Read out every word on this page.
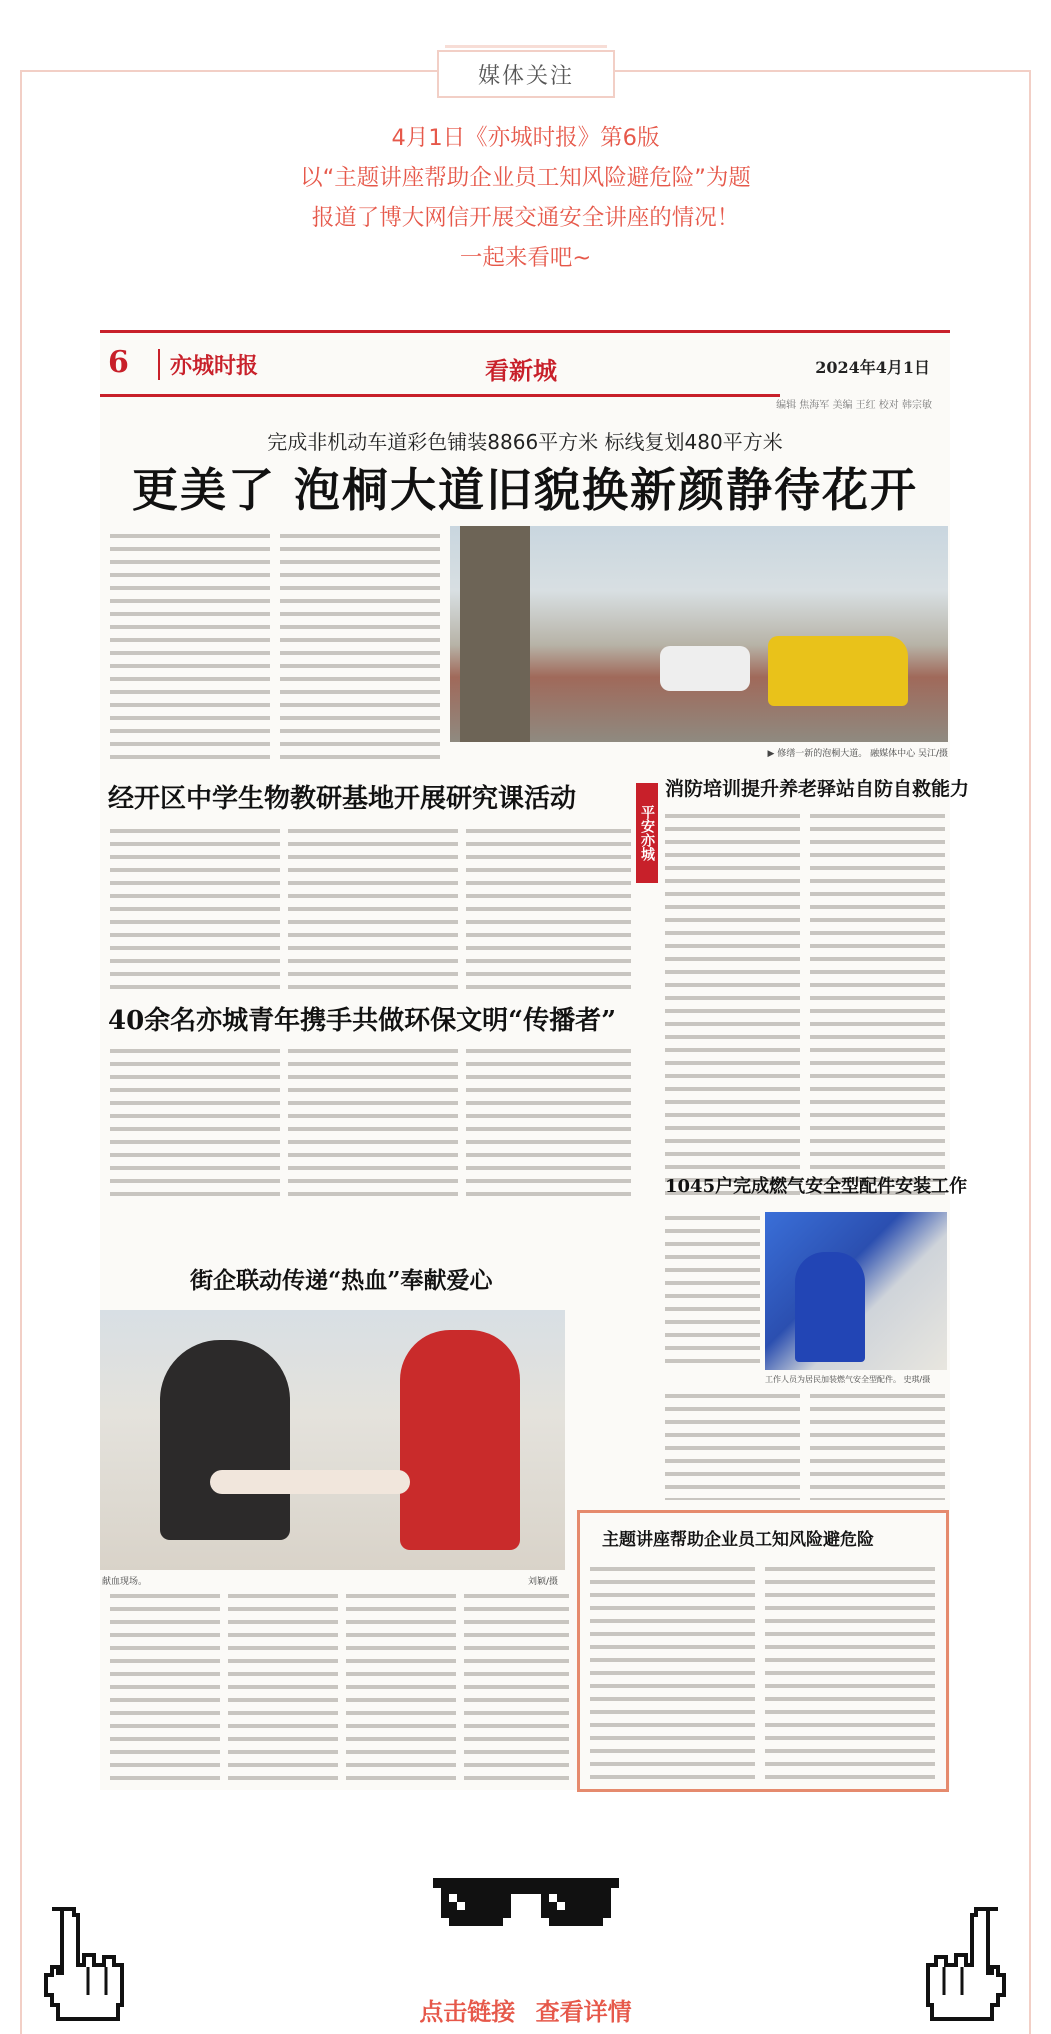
媒体关注
4月1日《亦城时报》第6版
以“主题讲座帮助企业员工知风险避危险”为题
报道了博大网信开展交通安全讲座的情况！
一起来看吧~
6	亦城时报	看新城	2024年4月1日
编辑 焦海军 美编 王红 校对 韩宗敏
完成非机动车道彩色铺装8866平方米 标线复划480平方米
更美了 泡桐大道旧貌换新颜静待花开
▶ 修缮一新的泡桐大道。 融媒体中心 吴江/摄
经开区中学生物教研基地开展研究课活动
平安亦城
消防培训提升养老驿站自防自救能力
40余名亦城青年携手共做环保文明“传播者”
1045户完成燃气安全型配件安装工作
工作人员为居民加装燃气安全型配件。 史琪/摄
街企联动传递“热血”奉献爱心
献血现场。	刘颖/摄
主题讲座帮助企业员工知风险避危险
点击链接 查看详情
